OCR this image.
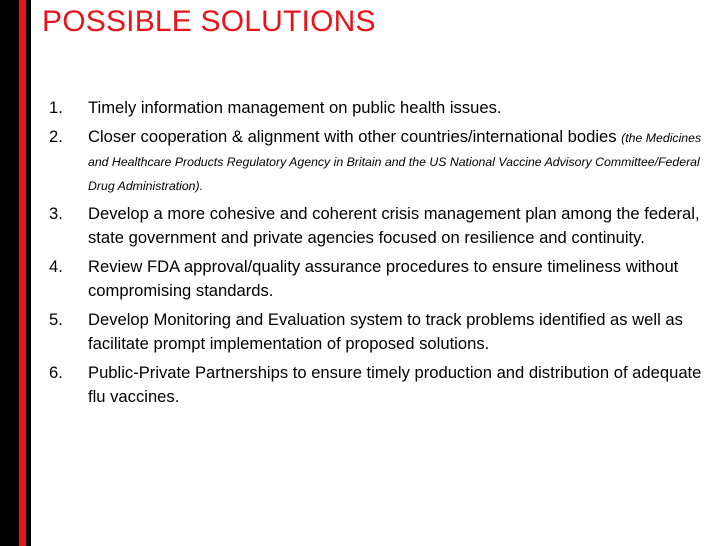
POSSIBLE SOLUTIONS
1. Timely information management on public health issues.
2. Closer cooperation & alignment with other countries/international bodies (the Medicines and Healthcare Products Regulatory Agency in Britain and the US National Vaccine Advisory Committee/Federal Drug Administration).
3. Develop a more cohesive and coherent crisis management plan among the federal, state government and private agencies focused on resilience and continuity.
4. Review FDA approval/quality assurance procedures to ensure timeliness without compromising standards.
5. Develop Monitoring and Evaluation system to track problems identified as well as facilitate prompt implementation of proposed solutions.
6. Public-Private Partnerships to ensure timely production and distribution of adequate flu vaccines.
